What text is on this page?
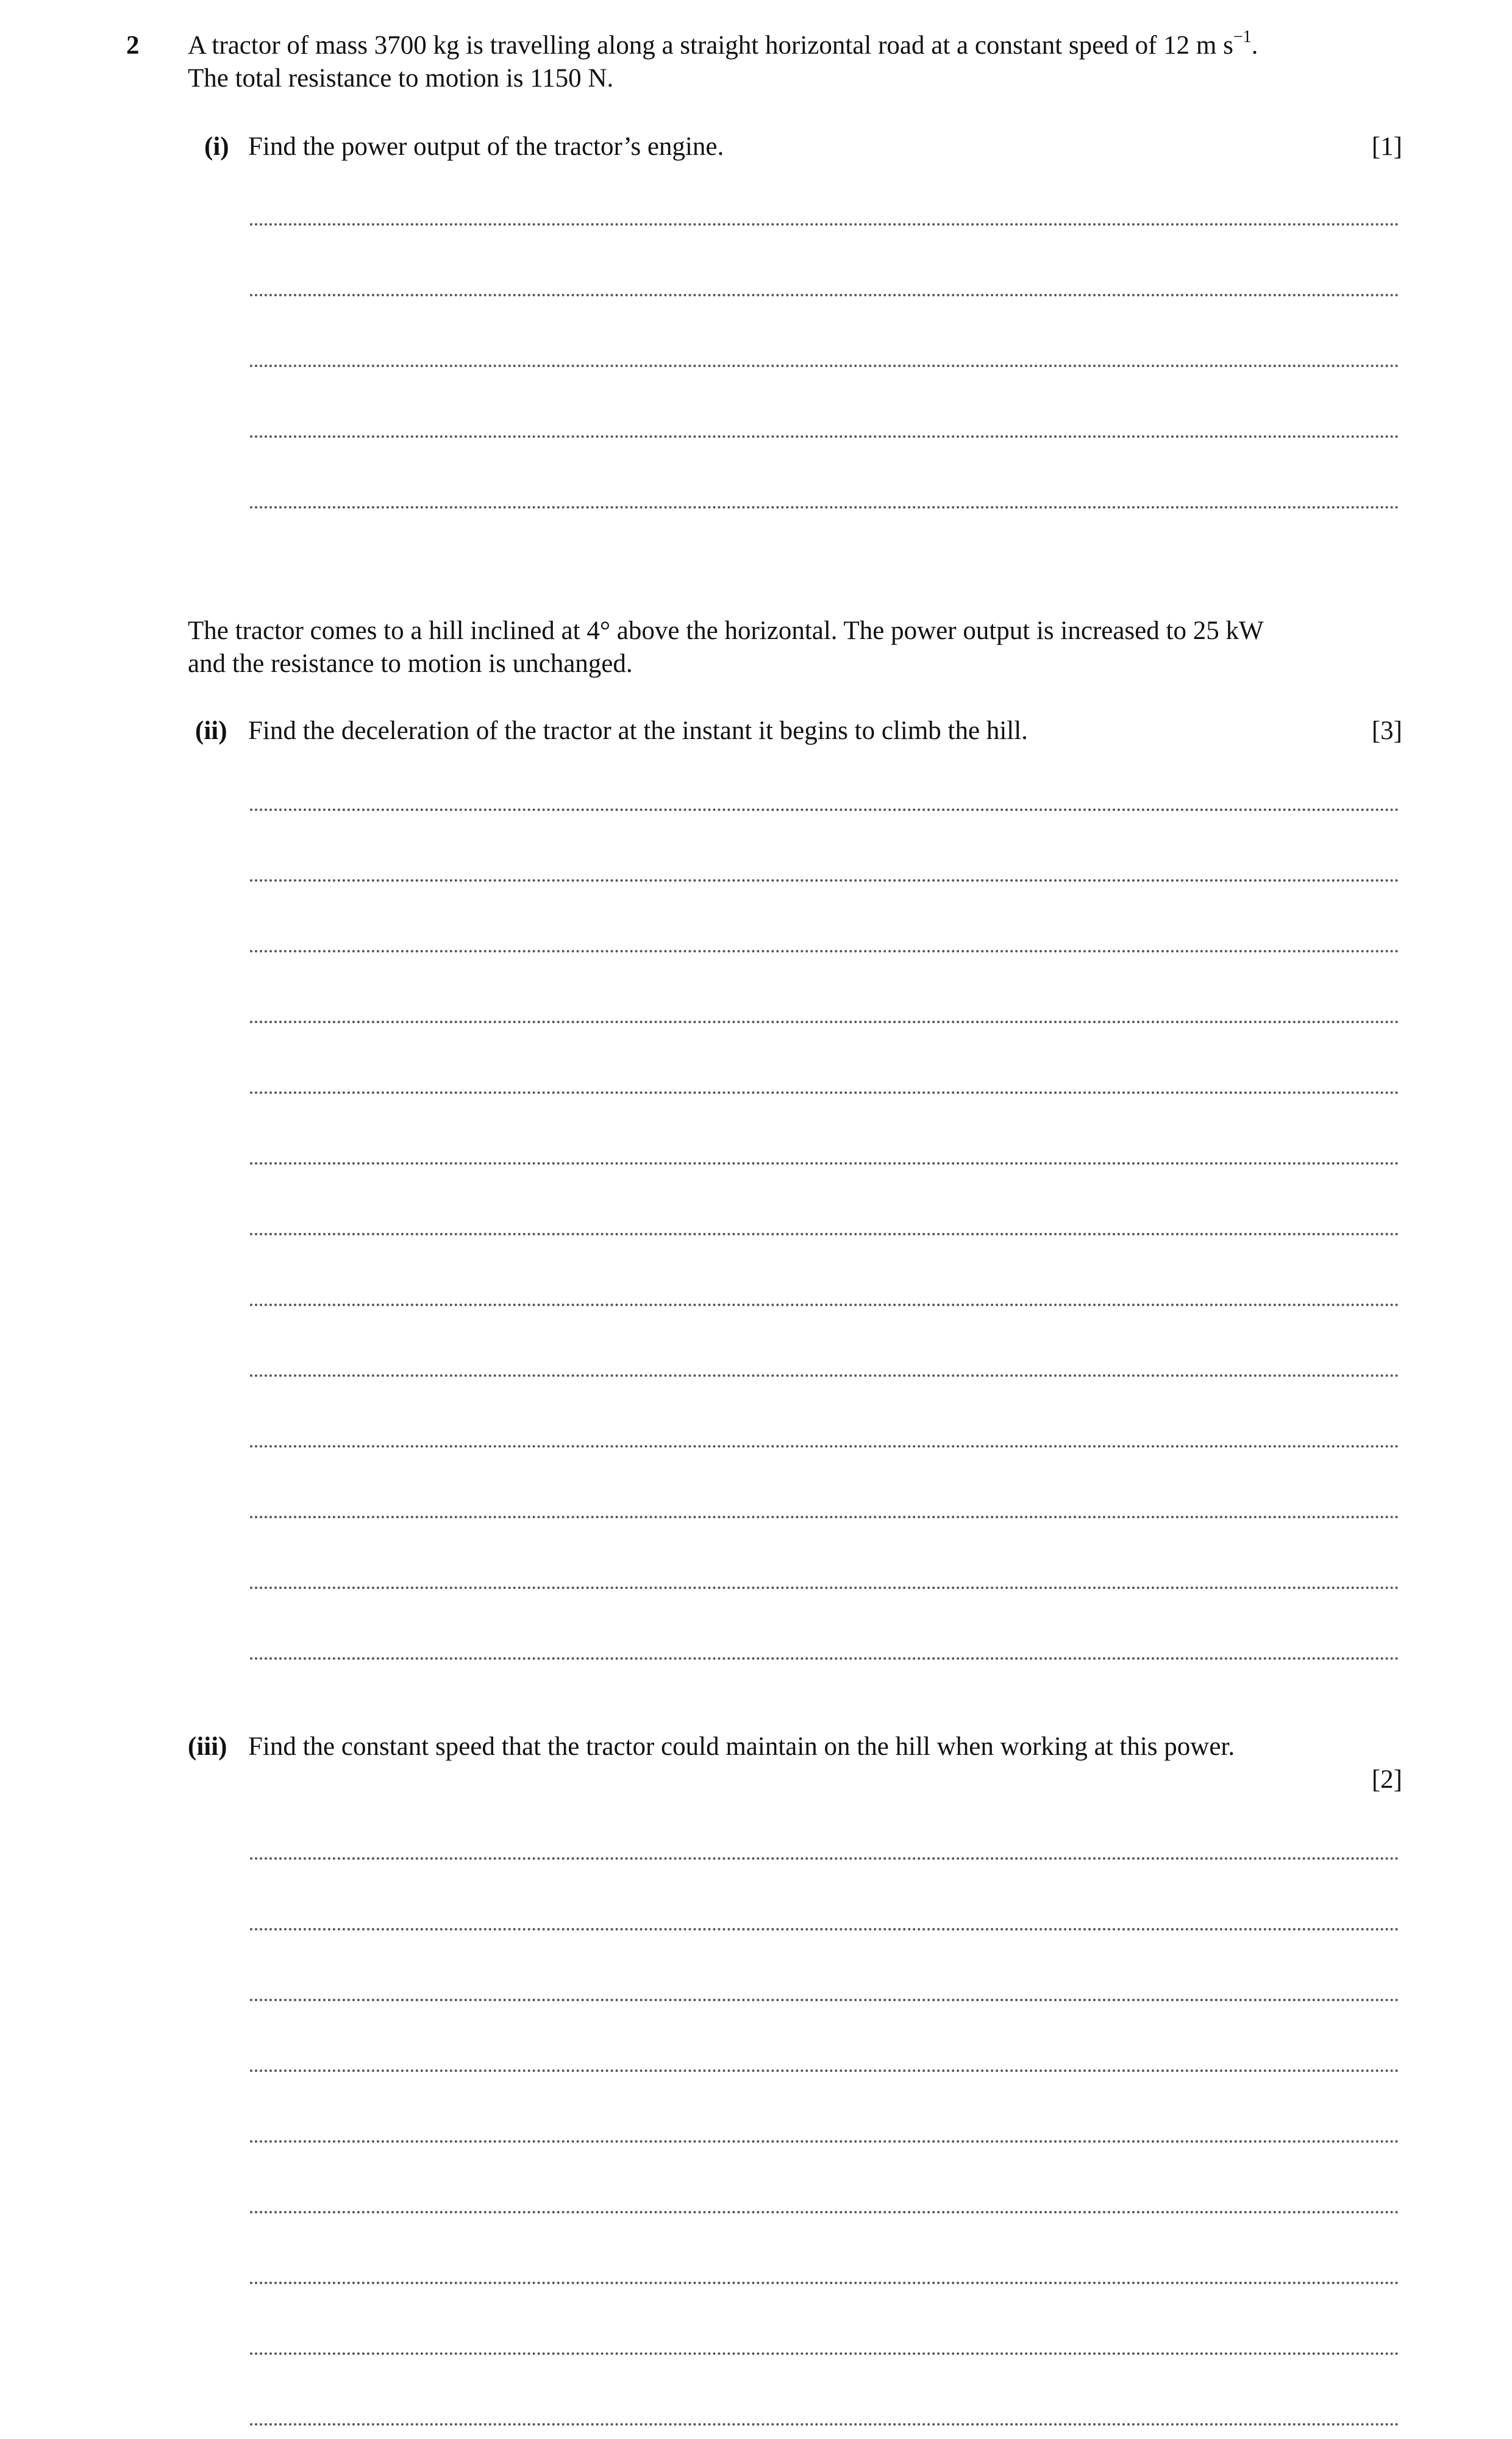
2 A tractor of mass 3700 kg is travelling along a straight horizontal road at a constant speed of 12 m $s^{-1}$.
The total resistance to motion is 1150 N.
(i) Find the power output of the tractor’s engine.	[1]
The tractor comes to a hill inclined at 4° above the horizontal. The power output is increased to 25 kW
and the resistance to motion is unchanged.
(ii) Find the deceleration of the tractor at the instant it begins to climb the hill.	[3]
(iii) Find the constant speed that the tractor could maintain on the hill when working at this power.
[2]
